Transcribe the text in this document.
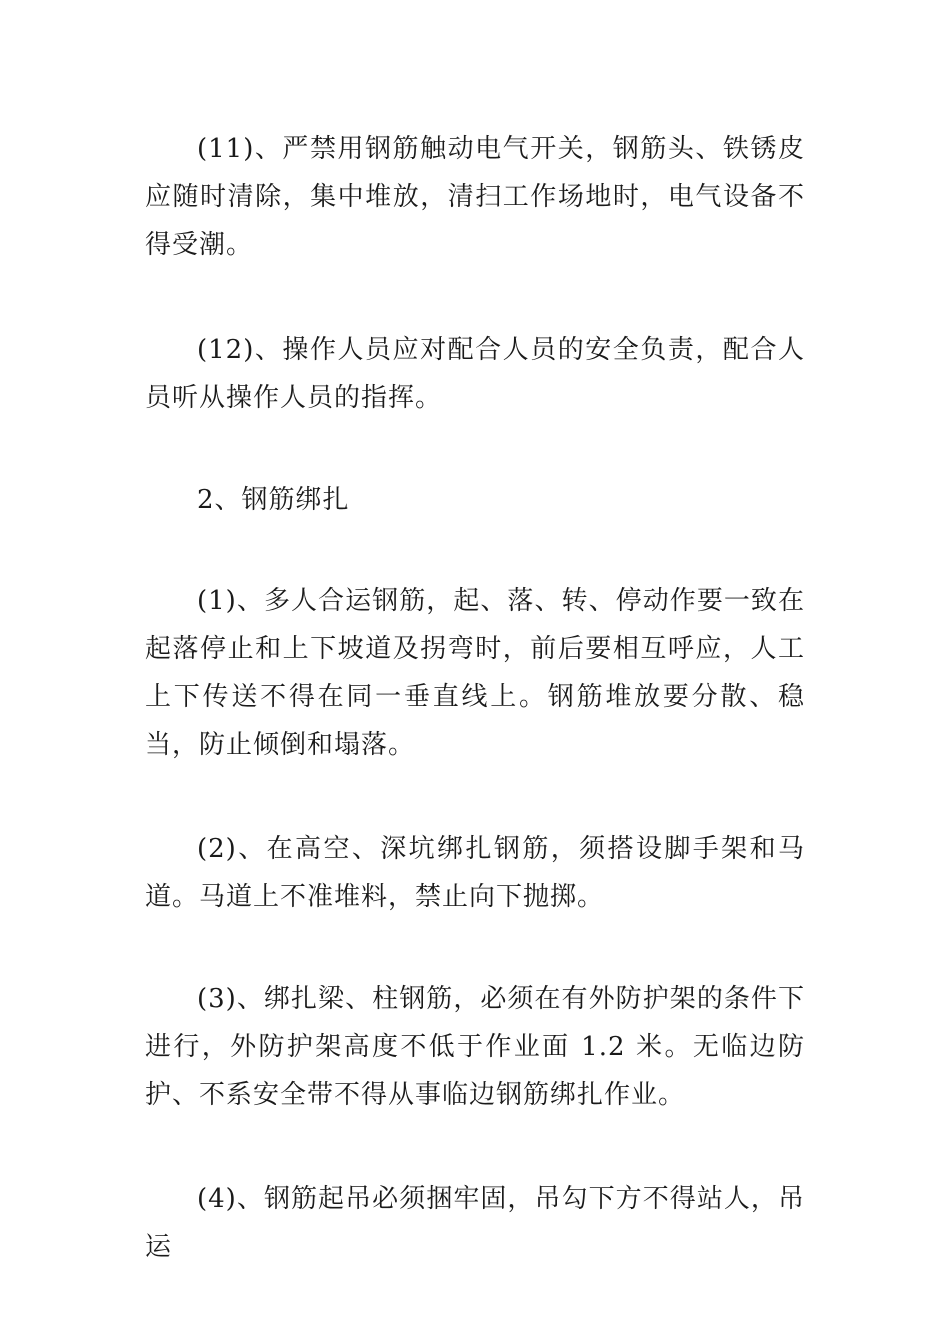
(11)、严禁用钢筋触动电气开关，钢筋头、铁锈皮应随时清除，集中堆放，清扫工作场地时，电气设备不得受潮。

(12)、操作人员应对配合人员的安全负责，配合人员听从操作人员的指挥。

2、钢筋绑扎

(1)、多人合运钢筋，起、落、转、停动作要一致在起落停止和上下坡道及拐弯时，前后要相互呼应，人工上下传送不得在同一垂直线上。钢筋堆放要分散、稳当，防止倾倒和塌落。

(2)、在高空、深坑绑扎钢筋，须搭设脚手架和马道。马道上不准堆料，禁止向下抛掷。

(3)、绑扎梁、柱钢筋，必须在有外防护架的条件下进行，外防护架高度不低于作业面 1.2 米。无临边防护、不系安全带不得从事临边钢筋绑扎作业。

(4)、钢筋起吊必须捆牢固，吊勾下方不得站人，吊运
